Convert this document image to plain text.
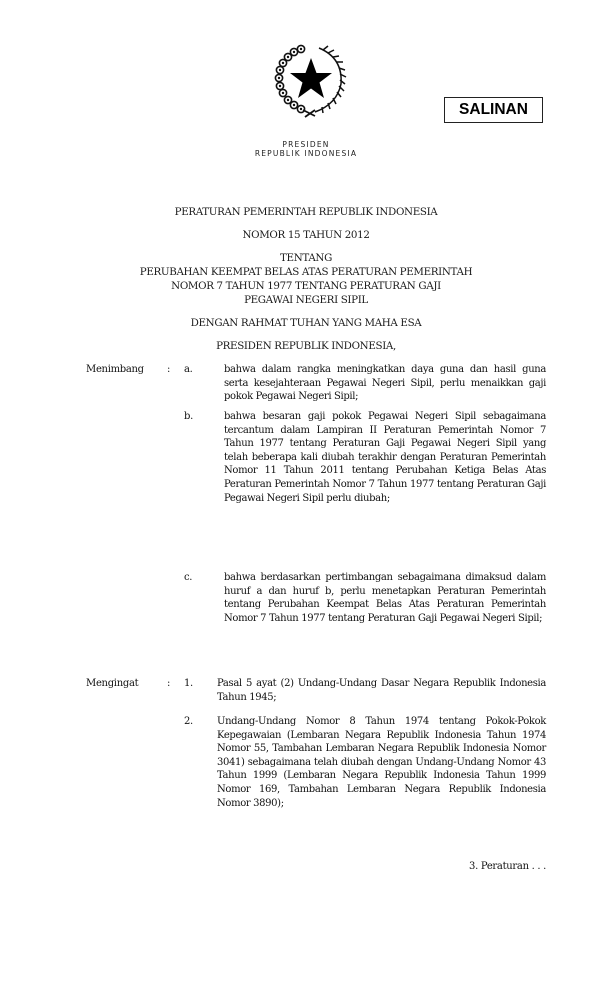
PRESIDEN
REPUBLIK INDONESIA
SALINAN
PERATURAN PEMERINTAH REPUBLIK INDONESIA
NOMOR 15 TAHUN 2012
TENTANG
PERUBAHAN KEEMPAT BELAS ATAS PERATURAN PEMERINTAH
NOMOR 7 TAHUN 1977 TENTANG PERATURAN GAJI
PEGAWAI NEGERI SIPIL
DENGAN RAHMAT TUHAN YANG MAHA ESA
PRESIDEN REPUBLIK INDONESIA,
Menimbang : a.	bahwa dalam rangka meningkatkan daya guna dan hasil guna serta kesejahteraan Pegawai Negeri Sipil, perlu menaikkan gaji pokok Pegawai Negeri Sipil;
b.	bahwa besaran gaji pokok Pegawai Negeri Sipil sebagaimana tercantum dalam Lampiran II Peraturan Pemerintah Nomor 7 Tahun 1977 tentang Peraturan Gaji Pegawai Negeri Sipil yang telah beberapa kali diubah terakhir dengan Peraturan Pemerintah Nomor 11 Tahun 2011 tentang Perubahan Ketiga Belas Atas Peraturan Pemerintah Nomor 7 Tahun 1977 tentang Peraturan Gaji Pegawai Negeri Sipil perlu diubah;
c.	bahwa berdasarkan pertimbangan sebagaimana dimaksud dalam huruf a dan huruf b, perlu menetapkan Peraturan Pemerintah tentang Perubahan Keempat Belas Atas Peraturan Pemerintah Nomor 7 Tahun 1977 tentang Peraturan Gaji Pegawai Negeri Sipil;
Mengingat	: 1. Pasal 5 ayat (2) Undang-Undang Dasar Negara Republik Indonesia Tahun 1945;
2. Undang-Undang Nomor 8 Tahun 1974 tentang Pokok-Pokok Kepegawaian (Lembaran Negara Republik Indonesia Tahun 1974 Nomor 55, Tambahan Lembaran Negara Republik Indonesia Nomor 3041) sebagaimana telah diubah dengan Undang-Undang Nomor 43 Tahun 1999 (Lembaran Negara Republik Indonesia Tahun 1999 Nomor 169, Tambahan Lembaran Negara Republik Indonesia Nomor 3890);
3. Peraturan . . .
